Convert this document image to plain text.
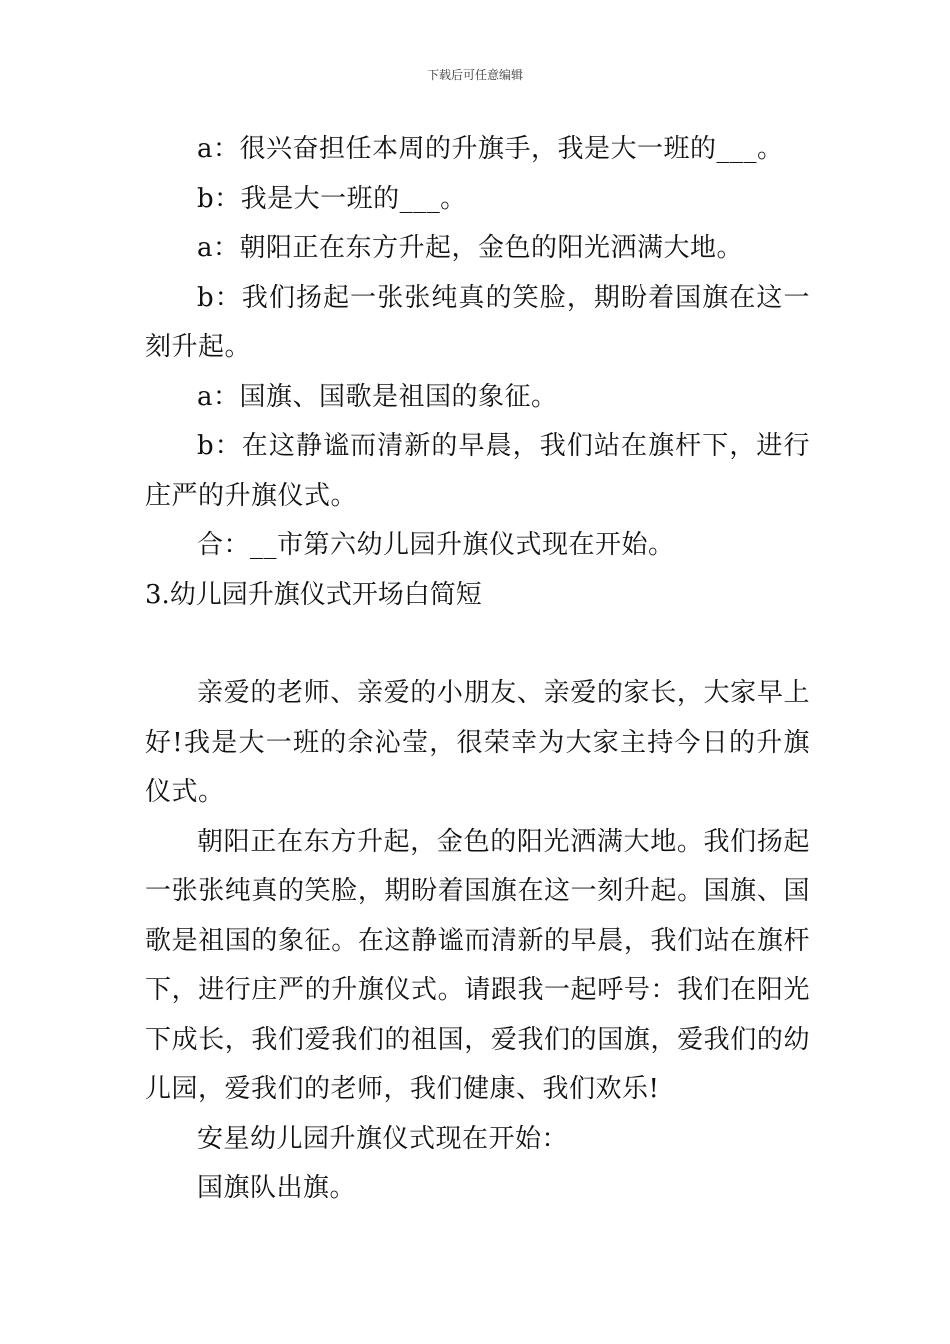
下载后可任意编辑

a：很兴奋担任本周的升旗手，我是大一班的___。

b：我是大一班的___。

a：朝阳正在东方升起，金色的阳光洒满大地。

b：我们扬起一张张纯真的笑脸，期盼着国旗在这一刻升起。

a：国旗、国歌是祖国的象征。

b：在这静谧而清新的早晨，我们站在旗杆下，进行庄严的升旗仪式。

合：__市第六幼儿园升旗仪式现在开始。

3.幼儿园升旗仪式开场白简短

亲爱的老师、亲爱的小朋友、亲爱的家长，大家早上好!我是大一班的余沁莹，很荣幸为大家主持今日的升旗仪式。

朝阳正在东方升起，金色的阳光洒满大地。我们扬起一张张纯真的笑脸，期盼着国旗在这一刻升起。国旗、国歌是祖国的象征。在这静谧而清新的早晨，我们站在旗杆下，进行庄严的升旗仪式。请跟我一起呼号：我们在阳光下成长，我们爱我们的祖国，爱我们的国旗，爱我们的幼儿园，爱我们的老师，我们健康、我们欢乐!

安星幼儿园升旗仪式现在开始：

国旗队出旗。
